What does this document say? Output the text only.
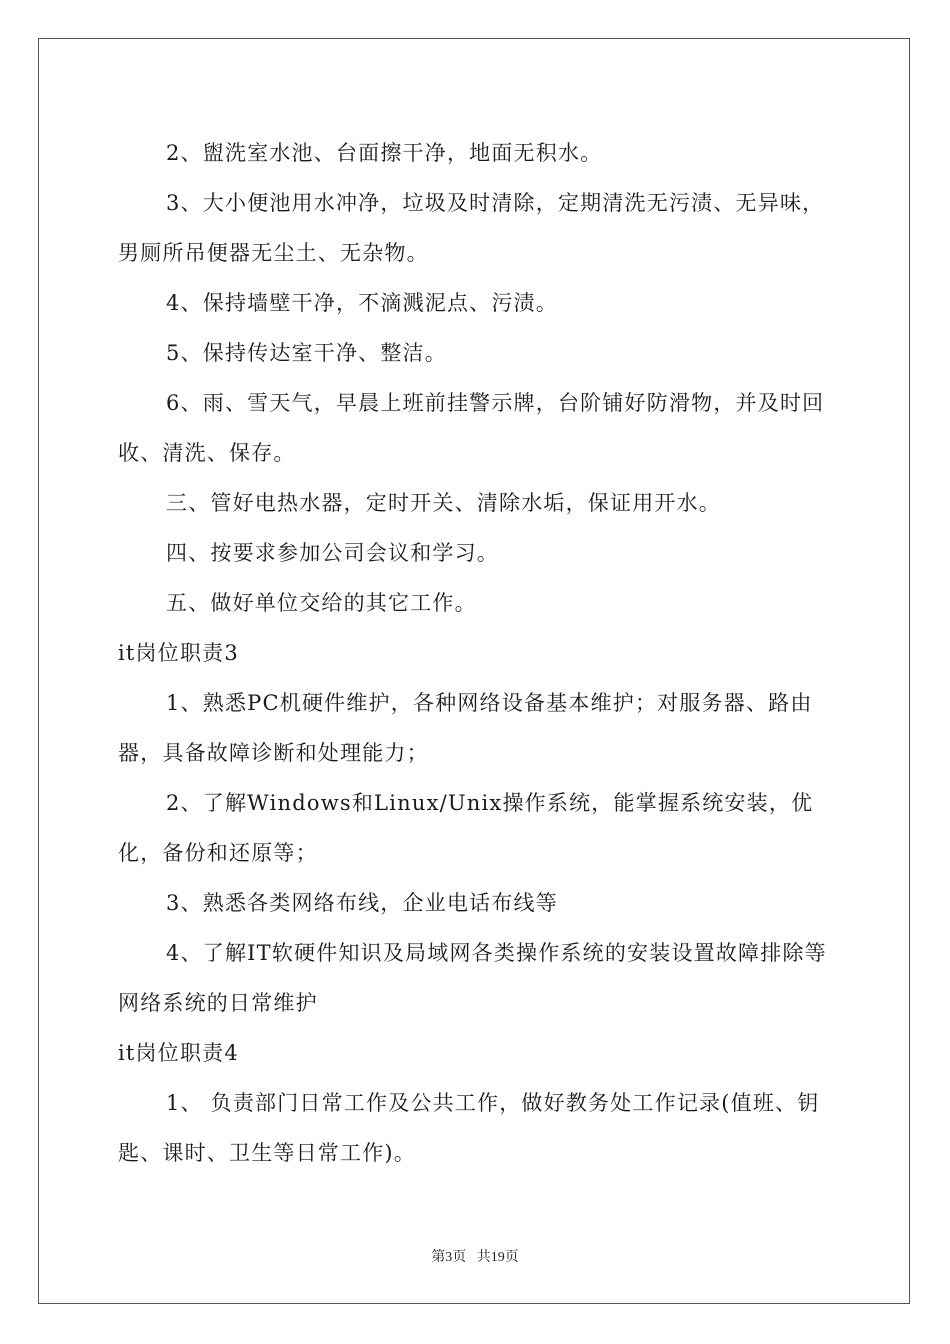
2、盥洗室水池、台面擦干净，地面无积水。

3、大小便池用水冲净，垃圾及时清除，定期清洗无污渍、无异味，男厕所吊便器无尘土、无杂物。

4、保持墙壁干净，不滴溅泥点、污渍。

5、保持传达室干净、整洁。

6、雨、雪天气，早晨上班前挂警示牌，台阶铺好防滑物，并及时回收、清洗、保存。

三、管好电热水器，定时开关、清除水垢，保证用开水。

四、按要求参加公司会议和学习。

五、做好单位交给的其它工作。

it岗位职责3

1、熟悉PC机硬件维护，各种网络设备基本维护；对服务器、路由器，具备故障诊断和处理能力；

2、了解Windows和Linux/Unix操作系统，能掌握系统安装，优化，备份和还原等；

3、熟悉各类网络布线，企业电话布线等

4、了解IT软硬件知识及局域网各类操作系统的安装设置故障排除等网络系统的日常维护

it岗位职责4

1、 负责部门日常工作及公共工作，做好教务处工作记录(值班、钥匙、课时、卫生等日常工作)。

第3页   共19页
